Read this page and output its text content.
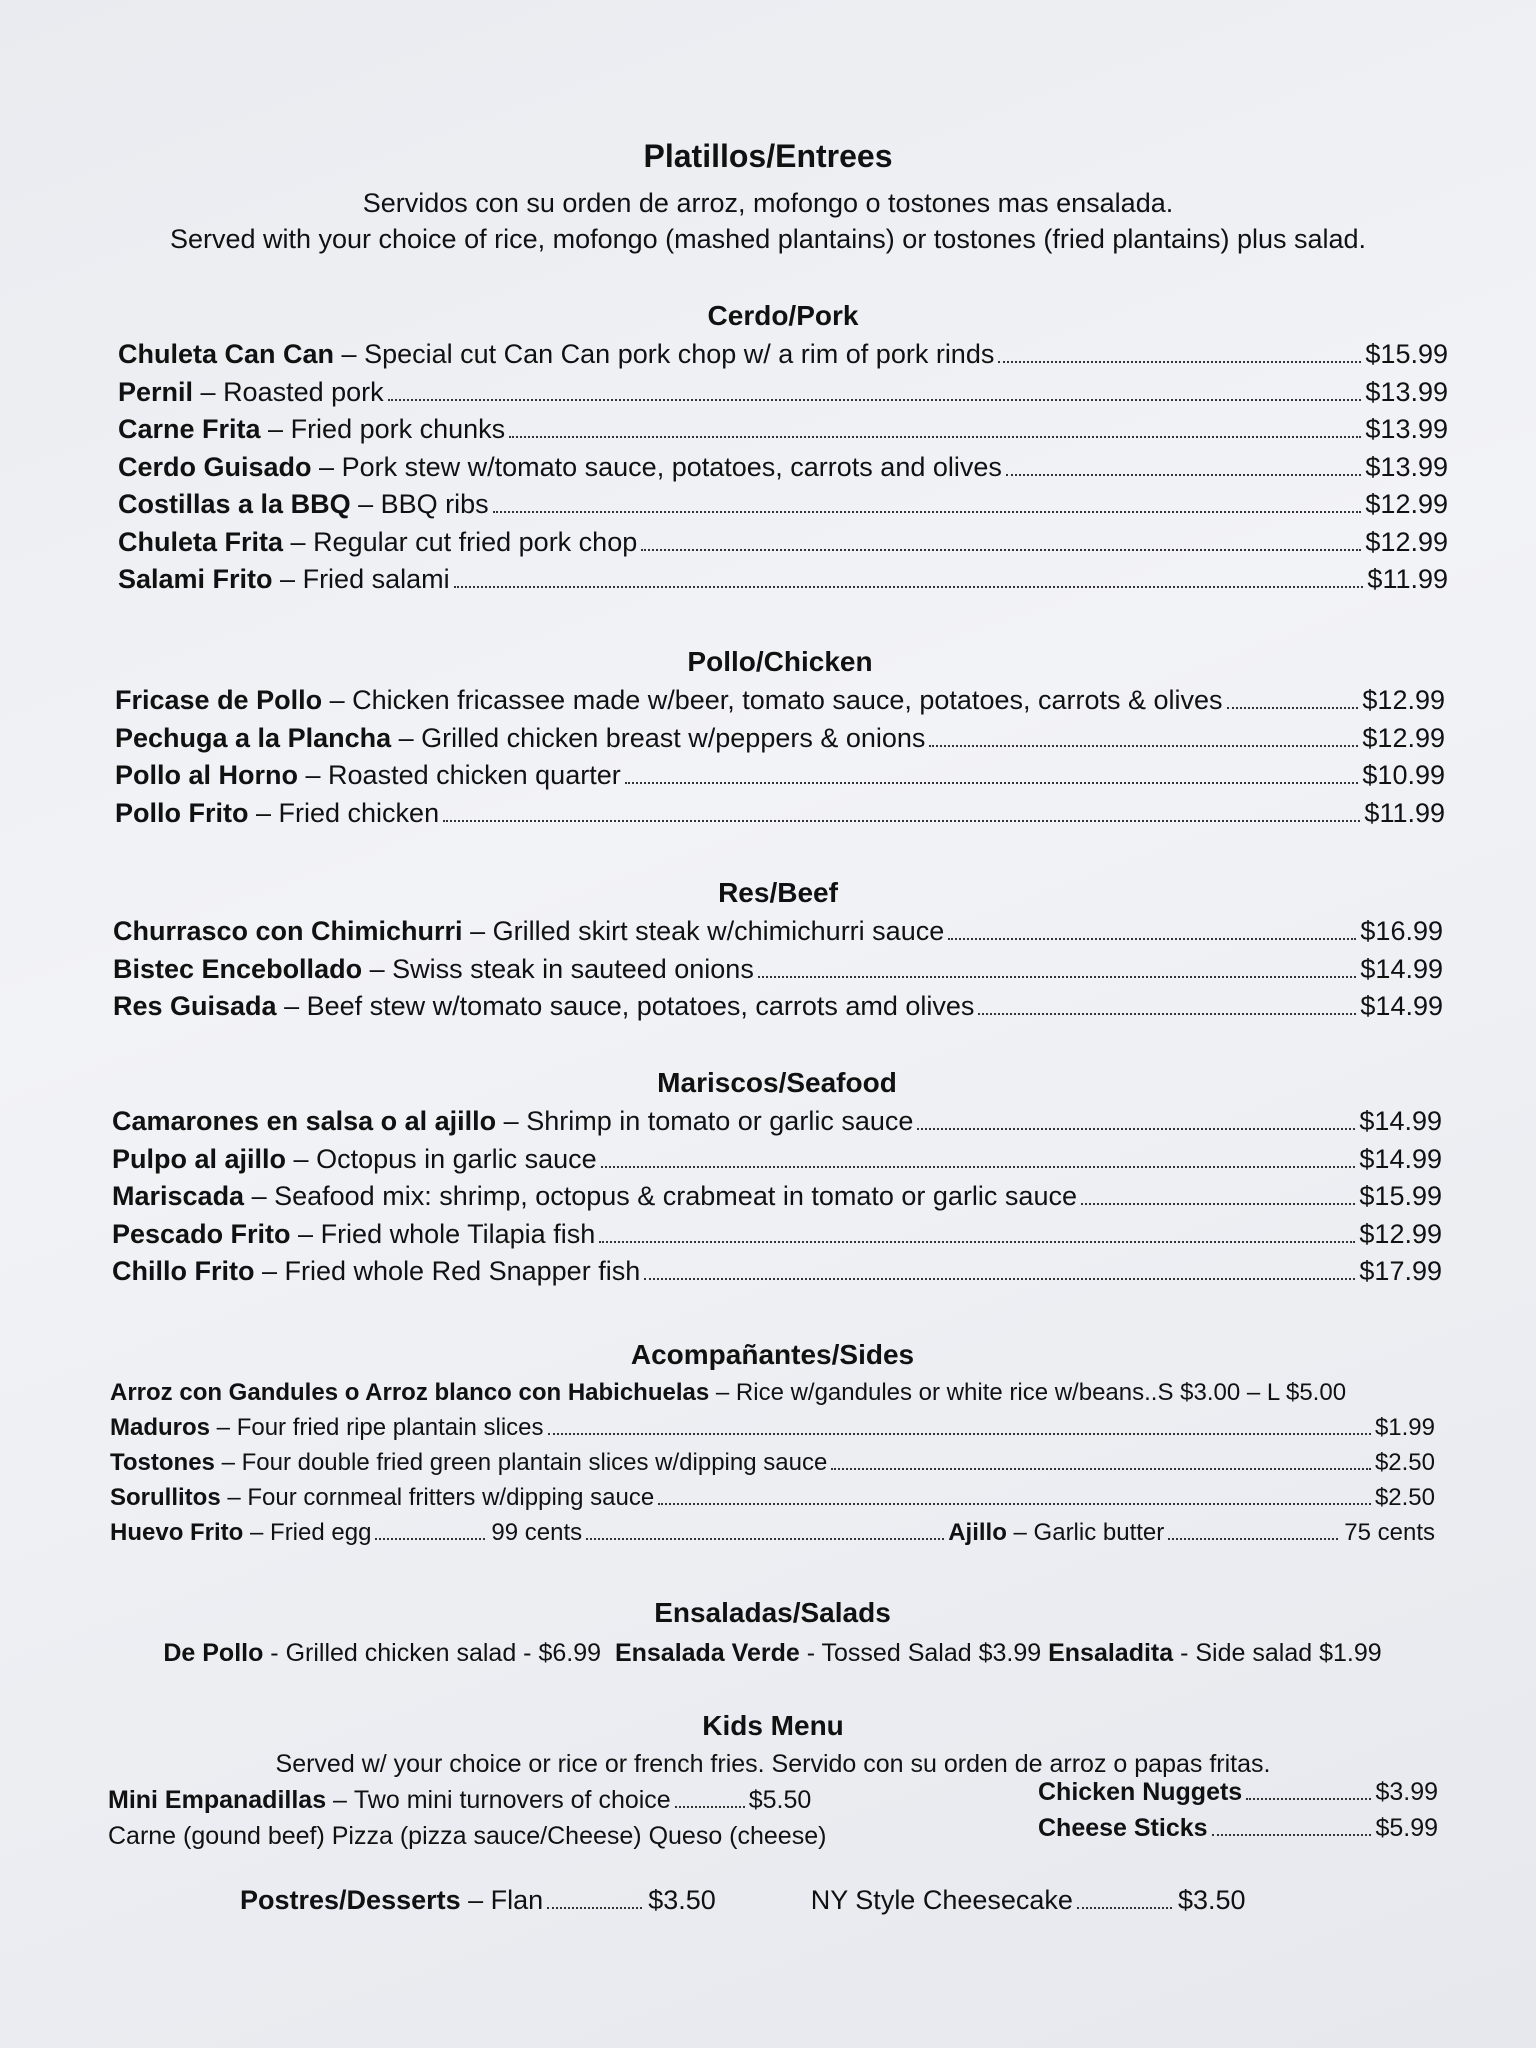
Platillos/Entrees
Servidos con su orden de arroz, mofongo o tostones mas ensalada.
Served with your choice of rice, mofongo (mashed plantains) or tostones (fried plantains) plus salad.
Cerdo/Pork
Chuleta Can Can – Special cut Can Can pork chop w/ a rim of pork rinds	$15.99
Pernil – Roasted pork	$13.99
Carne Frita – Fried pork chunks	$13.99
Cerdo Guisado – Pork stew w/tomato sauce, potatoes, carrots and olives	$13.99
Costillas a la BBQ – BBQ ribs	$12.99
Chuleta Frita – Regular cut fried pork chop	$12.99
Salami Frito – Fried salami	$11.99
Pollo/Chicken
Fricase de Pollo – Chicken fricassee made w/beer, tomato sauce, potatoes, carrots & olives	$12.99
Pechuga a la Plancha – Grilled chicken breast w/peppers & onions	$12.99
Pollo al Horno – Roasted chicken quarter	$10.99
Pollo Frito – Fried chicken	$11.99
Res/Beef
Churrasco con Chimichurri – Grilled skirt steak w/chimichurri sauce	$16.99
Bistec Encebollado – Swiss steak in sauteed onions	$14.99
Res Guisada – Beef stew w/tomato sauce, potatoes, carrots amd olives	$14.99
Mariscos/Seafood
Camarones en salsa o al ajillo – Shrimp in tomato or garlic sauce	$14.99
Pulpo al ajillo – Octopus in garlic sauce	$14.99
Mariscada – Seafood mix: shrimp, octopus & crabmeat in tomato or garlic sauce	$15.99
Pescado Frito – Fried whole Tilapia fish	$12.99
Chillo Frito – Fried whole Red Snapper fish	$17.99
Acompañantes/Sides
Arroz con Gandules o Arroz blanco con Habichuelas – Rice w/gandules or white rice w/beans..S $3.00 – L $5.00
Maduros – Four fried ripe plantain slices	$1.99
Tostones – Four double fried green plantain slices w/dipping sauce	$2.50
Sorullitos – Four cornmeal fritters w/dipping sauce	$2.50
Huevo Frito – Fried egg	99 cents	Ajillo – Garlic butter	75 cents
Ensaladas/Salads
De Pollo - Grilled chicken salad - $6.99 Ensalada Verde - Tossed Salad $3.99 Ensaladita - Side salad $1.99
Kids Menu
Served w/ your choice or rice or french fries. Servido con su orden de arroz o papas fritas.
Mini Empanadillas – Two mini turnovers of choice	$5.50
Carne (gound beef) Pizza (pizza sauce/Cheese) Queso (cheese)
Chicken Nuggets	$3.99
Cheese Sticks	$5.99
Postres/Desserts – Flan	$3.50	NY Style Cheesecake	$3.50
